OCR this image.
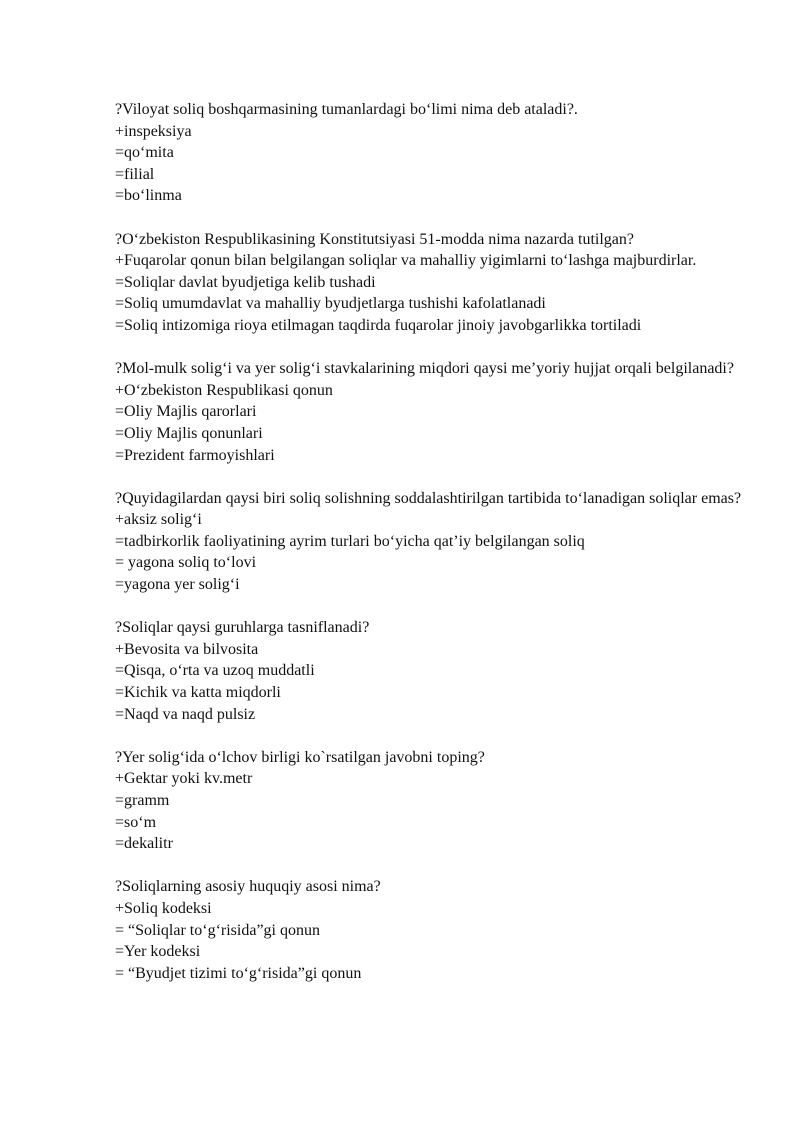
?Viloyat soliq boshqarmasining tumanlardagi bo‘limi nima deb ataladi?.
+inspeksiya
=qo‘mita
=filial
=bo‘linma
?O‘zbekiston Respublikasining Konstitutsiyasi 51-modda nima nazarda tutilgan?
+Fuqarolar qonun bilan belgilangan soliqlar va mahalliy yigimlarni to‘lashga majburdirlar.
=Soliqlar davlat byudjetiga kelib tushadi
=Soliq umumdavlat va mahalliy byudjetlarga tushishi kafolatlanadi
=Soliq intizomiga rioya etilmagan taqdirda fuqarolar jinoiy javobgarlikka tortiladi
?Mol-mulk solig‘i va yer solig‘i stavkalarining miqdori qaysi me’yoriy hujjat orqali belgilanadi?
+O‘zbekiston Respublikasi qonun
=Oliy Majlis qarorlari
=Oliy Majlis qonunlari
=Prezident farmoyishlari
?Quyidagilardan qaysi biri soliq solishning soddalashtirilgan tartibida to‘lanadigan soliqlar emas?
+aksiz solig‘i
=tadbirkorlik faoliyatining ayrim turlari bo‘yicha qat’iy belgilangan soliq
= yagona soliq to‘lovi
=yagona yer solig‘i
?Soliqlar qaysi guruhlarga tasniflanadi?
+Bevosita va bilvosita
=Qisqa, o‘rta va uzoq muddatli
=Kichik va katta miqdorli
=Naqd va naqd pulsiz
?Yer solig‘ida o‘lchov birligi ko`rsatilgan javobni toping?
+Gektar yoki kv.metr
=gramm
=so‘m
=dekalitr
?Soliqlarning asosiy huquqiy asosi nima?
+Soliq kodeksi
= “Soliqlar to‘g‘risida”gi qonun
=Yer kodeksi
= “Byudjet tizimi to‘g‘risida”gi qonun
